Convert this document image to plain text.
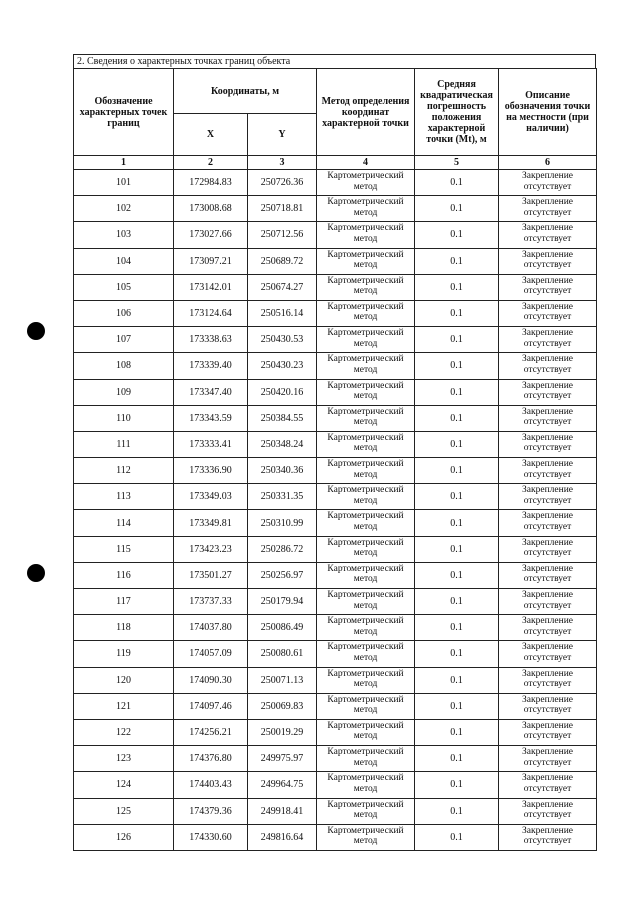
2. Сведения о характерных точках границ объекта
Обозначение характерных точек границ	Координаты, м		Метод определения координат характерной точки	Средняя квадратическая погрешность положения характерной точки (Mt), м	Описание обозначения точки на местности (при наличии)
	X	Y			
1	2	3	4	5	6
101	172984.83	250726.36	Картометрический метод	0.1	Закрепление отсутствует
102	173008.68	250718.81	Картометрический метод	0.1	Закрепление отсутствует
103	173027.66	250712.56	Картометрический метод	0.1	Закрепление отсутствует
104	173097.21	250689.72	Картометрический метод	0.1	Закрепление отсутствует
105	173142.01	250674.27	Картометрический метод	0.1	Закрепление отсутствует
106	173124.64	250516.14	Картометрический метод	0.1	Закрепление отсутствует
107	173338.63	250430.53	Картометрический метод	0.1	Закрепление отсутствует
108	173339.40	250430.23	Картометрический метод	0.1	Закрепление отсутствует
109	173347.40	250420.16	Картометрический метод	0.1	Закрепление отсутствует
110	173343.59	250384.55	Картометрический метод	0.1	Закрепление отсутствует
111	173333.41	250348.24	Картометрический метод	0.1	Закрепление отсутствует
112	173336.90	250340.36	Картометрический метод	0.1	Закрепление отсутствует
113	173349.03	250331.35	Картометрический метод	0.1	Закрепление отсутствует
114	173349.81	250310.99	Картометрический метод	0.1	Закрепление отсутствует
115	173423.23	250286.72	Картометрический метод	0.1	Закрепление отсутствует
116	173501.27	250256.97	Картометрический метод	0.1	Закрепление отсутствует
117	173737.33	250179.94	Картометрический метод	0.1	Закрепление отсутствует
118	174037.80	250086.49	Картометрический метод	0.1	Закрепление отсутствует
119	174057.09	250080.61	Картометрический метод	0.1	Закрепление отсутствует
120	174090.30	250071.13	Картометрический метод	0.1	Закрепление отсутствует
121	174097.46	250069.83	Картометрический метод	0.1	Закрепление отсутствует
122	174256.21	250019.29	Картометрический метод	0.1	Закрепление отсутствует
123	174376.80	249975.97	Картометрический метод	0.1	Закрепление отсутствует
124	174403.43	249964.75	Картометрический метод	0.1	Закрепление отсутствует
125	174379.36	249918.41	Картометрический метод	0.1	Закрепление отсутствует
126	174330.60	249816.64	Картометрический метод	0.1	Закрепление отсутствует
